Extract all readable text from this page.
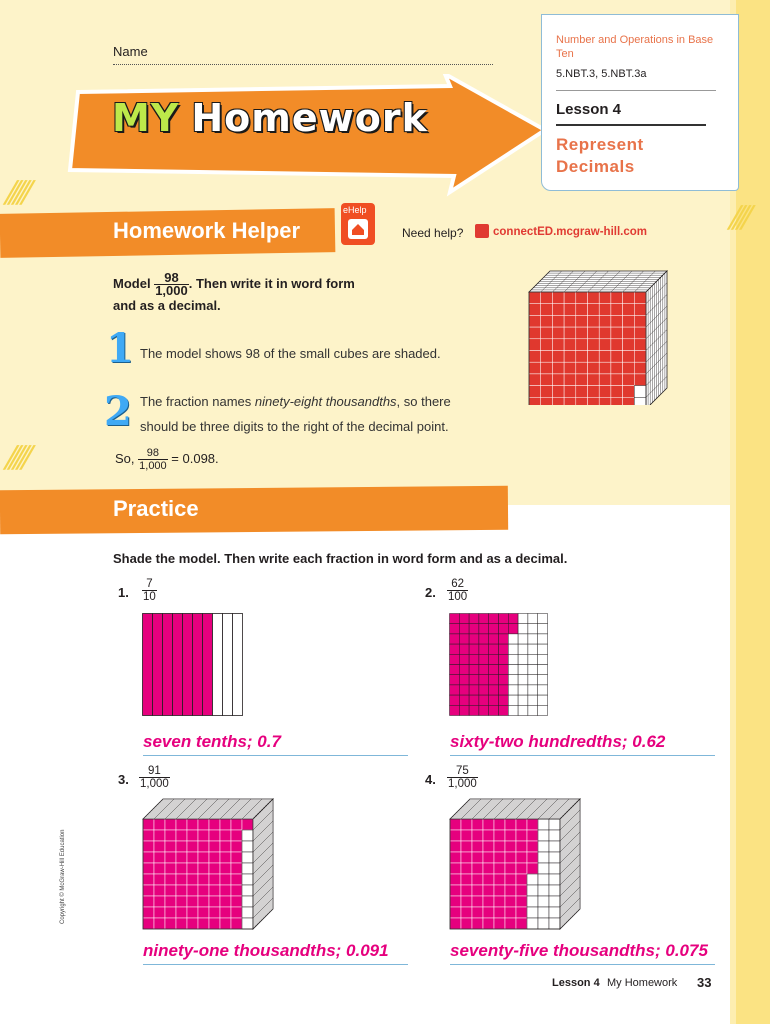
/////
/////
////
Name
MY Homework
Number and Operations in Base Ten
5.NBT.3, 5.NBT.3a
Lesson 4
Represent
Decimals
Homework Helper
eHelp
Need help?	connectED.mcgraw-hill.com
Model $\frac{98}{1,000}$ . Then write it in word form
and as a decimal.
1 The model shows 98 of the small cubes are shaded.
2 The fraction names ninety-eight thousandths, so there
should be three digits to the right of the decimal point.
So, $\frac{98}{1,000} = 0.098$.
Practice
Shade the model. Then write each fraction in word form and as a decimal.
1. $\frac{7}{10}$
seven tenths; 0.7
2. $\frac{62}{100}$
sixty-two hundredths; 0.62
3. $\frac{91}{1,000}$
ninety-one thousandths; 0.091
4. $\frac{75}{1,000}$
seventy-five thousandths; 0.075
Copyright © McGraw-Hill Education
Lesson 4 My Homework 33
